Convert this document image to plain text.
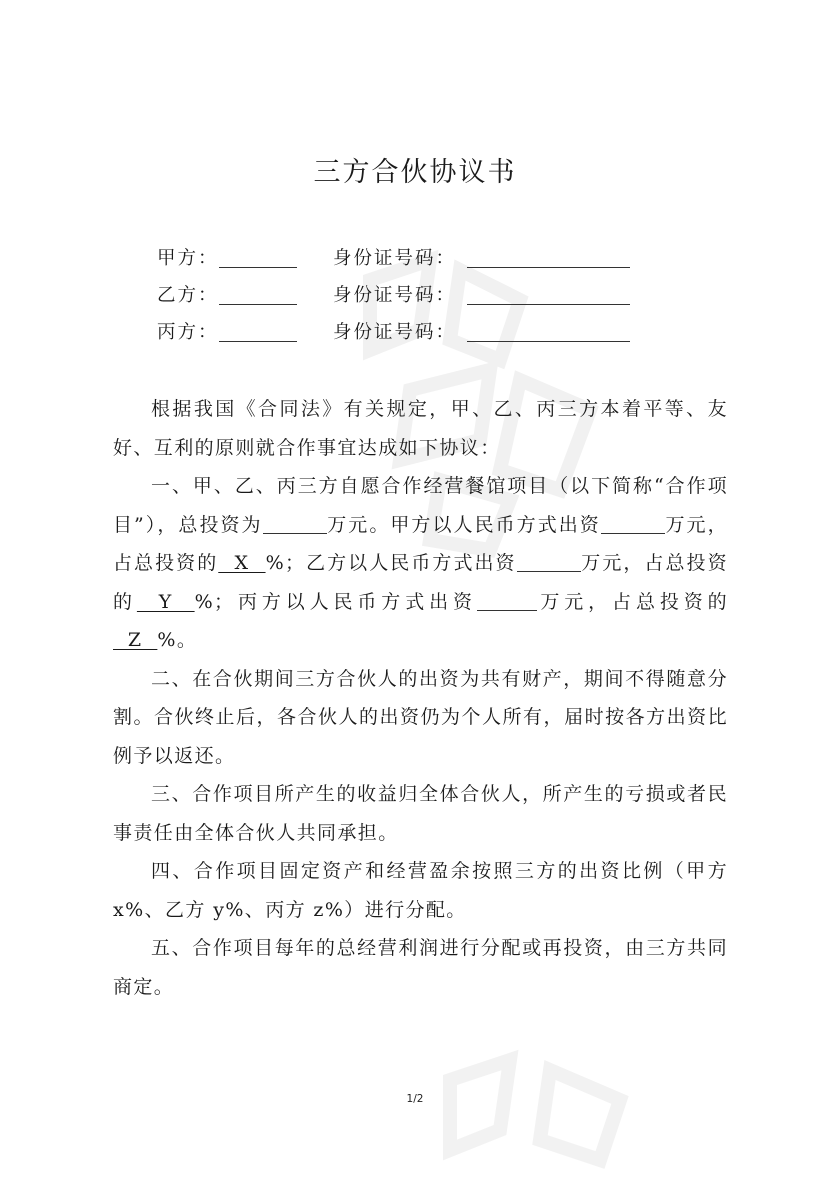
三方合伙协议书
甲方：	身份证号码：
乙方：	身份证号码：
丙方：	身份证号码：

根据我国《合同法》有关规定，甲、乙、丙三方本着平等、友好、互利的原则就合作事宜达成如下协议：

一、甲、乙、丙三方自愿合作经营餐馆项目（以下简称“合作项目”），总投资为	万元。甲方以人民币方式出资	万元，占总投资的  X  %；乙方以人民币方式出资	万元，占总投资的  Y  %；丙方以人民币方式出资	万元，占总投资的  Z  %。

二、在合伙期间三方合伙人的出资为共有财产，期间不得随意分割。合伙终止后，各合伙人的出资仍为个人所有，届时按各方出资比例予以返还。

三、合作项目所产生的收益归全体合伙人，所产生的亏损或者民事责任由全体合伙人共同承担。

四、合作项目固定资产和经营盈余按照三方的出资比例（甲方 x%、乙方 y%、丙方 z%）进行分配。

五、合作项目每年的总经营利润进行分配或再投资，由三方共同商定。

1/2
